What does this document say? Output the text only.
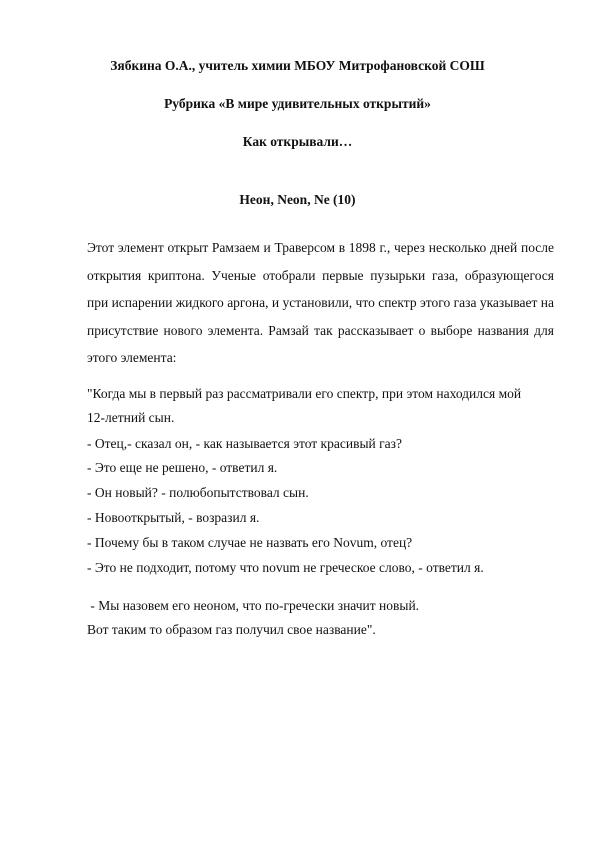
Зябкина О.А., учитель химии МБОУ Митрофановской СОШ
Рубрика «В мире удивительных открытий»
Как открывали…
Неон, Neon, Ne (10)
Этот элемент открыт Рамзаем и Траверсом в 1898 г., через несколько дней после открытия криптона. Ученые отобрали первые пузырьки газа, образующегося при испарении жидкого аргона, и установили, что спектр этого газа указывает на присутствие нового элемента. Рамзай так рассказывает о выборе названия для этого элемента:
"Когда мы в первый раз рассматривали его спектр, при этом находился мой
12-летний сын.
- Отец,- сказал он, - как называется этот красивый газ?
- Это еще не решено, - ответил я.
- Он новый? - полюбопытствовал сын.
- Новооткрытый, - возразил я.
- Почему бы в таком случае не назвать его Novum, отец?
- Это не подходит, потому что novum не греческое слово, - ответил я.
- Мы назовем его неоном, что по-гречески значит новый.
Вот таким то образом газ получил свое название".
